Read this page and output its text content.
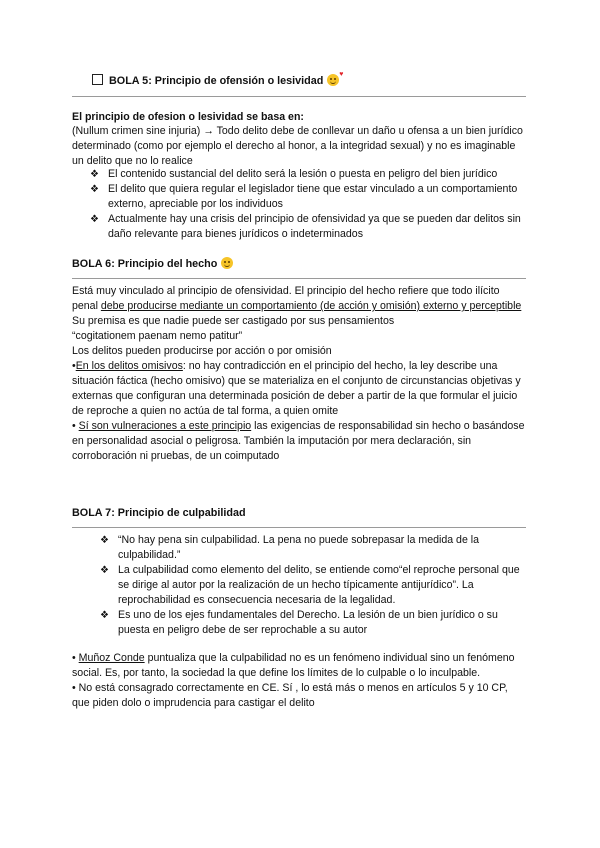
BOLA 5: Principio de ofensión o lesividad
♥
El principio de ofesion o lesividad se basa en:
(Nullum crimen sine injuria) → Todo delito debe de conllevar un daño u ofensa a un bien jurídico determinado (como por ejemplo el derecho al honor, a la integridad sexual) y no es imaginable un delito que no lo realice
❖ El contenido sustancial del delito será la lesión o puesta en peligro del bien jurídico
❖ El delito que quiera regular el legislador tiene que estar vinculado a un comportamiento externo, apreciable por los individuos
❖ Actualmente hay una crisis del principio de ofensividad ya que se pueden dar delitos sin daño relevante para bienes jurídicos o indeterminados
BOLA 6: Principio del hecho

Está muy vinculado al principio de ofensividad. El principio del hecho refiere que todo ilícito penal debe producirse mediante un comportamiento (de acción y omisión) externo y perceptible

Su premisa es que nadie puede ser castigado por sus pensamientos

“cogitationem paenam nemo patitur”

Los delitos pueden producirse por acción o por omisión

•En los delitos omisivos: no hay contradicción en el principio del hecho, la ley describe una situación fáctica (hecho omisivo) que se materializa en el conjunto de circunstancias objetivas y externas que configuran una determinada posición de deber a partir de la que formular el juicio de reproche a quien no actúa de tal forma, a quien omite

• Sí son vulneraciones a este principio las exigencias de responsabilidad sin hecho o basándose en personalidad asocial o peligrosa. También la imputación por mera declaración, sin corroboración ni pruebas, de un coimputado

BOLA 7: Principio de culpabilidad
❖ “No hay pena sin culpabilidad. La pena no puede sobrepasar la medida de la culpabilidad.”
❖ La culpabilidad como elemento del delito, se entiende como“el reproche personal que se dirige al autor por la realización de un hecho típicamente antijurídico”. La reprochabilidad es consecuencia necesaria de la legalidad.
❖ Es uno de los ejes fundamentales del Derecho. La lesión de un bien jurídico o su puesta en peligro debe de ser reprochable a su autor

• Muñoz Conde puntualiza que la culpabilidad no es un fenómeno individual sino un fenómeno social. Es, por tanto, la sociedad la que define los límites de lo culpable o lo inculpable.

• No está consagrado correctamente en CE. Sí , lo está más o menos en artículos 5 y 10 CP, que piden dolo o imprudencia para castigar el delito
